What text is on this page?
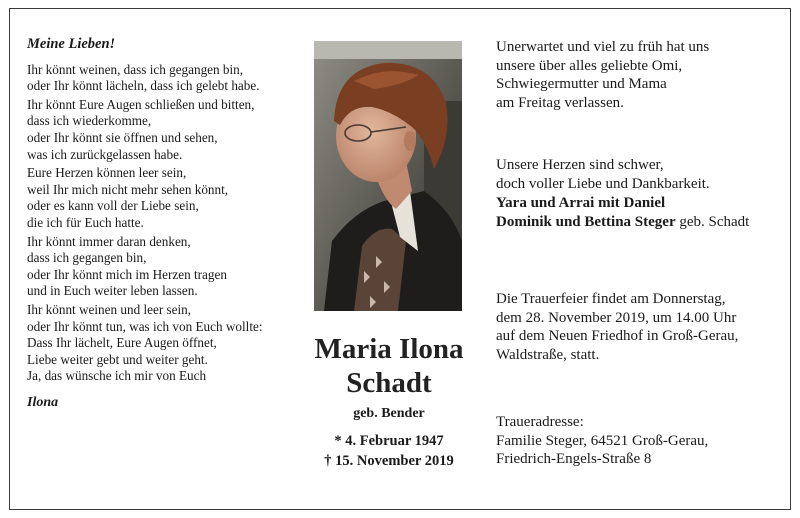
Meine Lieben!
Ihr könnt weinen, dass ich gegangen bin,
oder Ihr könnt lächeln, dass ich gelebt habe.
Ihr könnt Eure Augen schließen und bitten,
dass ich wiederkomme,
oder Ihr könnt sie öffnen und sehen,
was ich zurückgelassen habe.
Eure Herzen können leer sein,
weil Ihr mich nicht mehr sehen könnt,
oder es kann voll der Liebe sein,
die ich für Euch hatte.
Ihr könnt immer daran denken,
dass ich gegangen bin,
oder Ihr könnt mich im Herzen tragen
und in Euch weiter leben lassen.
Ihr könnt weinen und leer sein,
oder Ihr könnt tun, was ich von Euch wollte:
Dass Ihr lächelt, Eure Augen öffnet,
Liebe weiter gebt und weiter geht.
Ja, das wünsche ich mir von Euch
Ilona
Maria Ilona
Schadt
geb. Bender
* 4. Februar 1947
† 15. November 2019
Unerwartet und viel zu früh hat uns
unsere über alles geliebte Omi,
Schwiegermutter und Mama
am Freitag verlassen.
Unsere Herzen sind schwer,
doch voller Liebe und Dankbarkeit.
Yara und Arrai mit Daniel
Dominik und Bettina Steger geb. Schadt
Die Trauerfeier findet am Donnerstag,
dem 28. November 2019, um 14.00 Uhr
auf dem Neuen Friedhof in Groß-Gerau,
Waldstraße, statt.
Traueradresse:
Familie Steger, 64521 Groß-Gerau,
Friedrich-Engels-Straße 8
